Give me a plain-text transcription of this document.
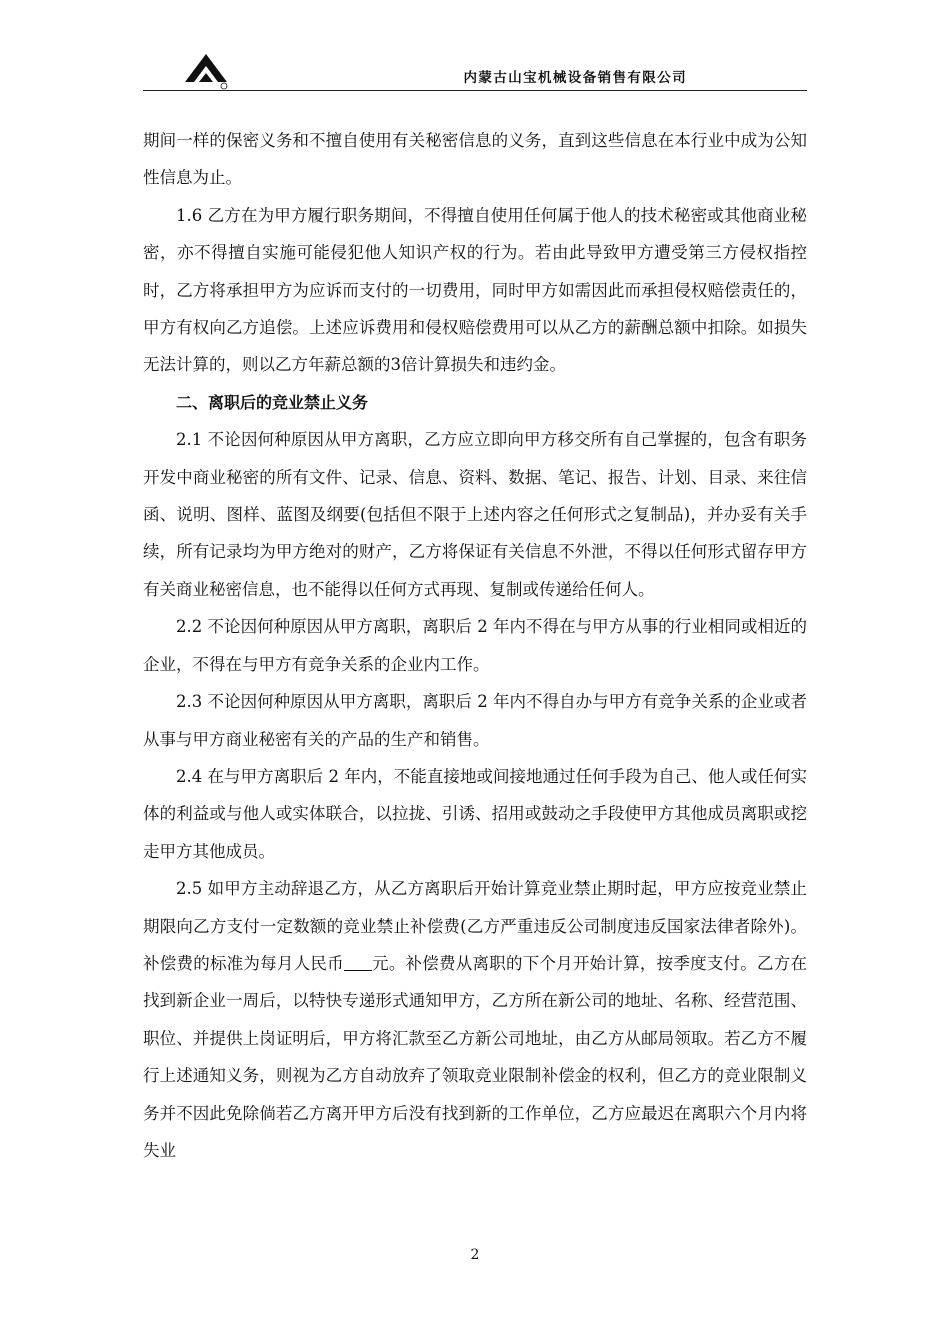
内蒙古山宝机械设备销售有限公司

期间一样的保密义务和不擅自使用有关秘密信息的义务，直到这些信息在本行业中成为公知性信息为止。

1.6 乙方在为甲方履行职务期间，不得擅自使用任何属于他人的技术秘密或其他商业秘密，亦不得擅自实施可能侵犯他人知识产权的行为。若由此导致甲方遭受第三方侵权指控时，乙方将承担甲方为应诉而支付的一切费用，同时甲方如需因此而承担侵权赔偿责任的，甲方有权向乙方追偿。上述应诉费用和侵权赔偿费用可以从乙方的薪酬总额中扣除。如损失无法计算的，则以乙方年薪总额的3倍计算损失和违约金。

二、离职后的竞业禁止义务

2.1 不论因何种原因从甲方离职，乙方应立即向甲方移交所有自己掌握的，包含有职务开发中商业秘密的所有文件、记录、信息、资料、数据、笔记、报告、计划、目录、来往信函、说明、图样、蓝图及纲要(包括但不限于上述内容之任何形式之复制品)，并办妥有关手续，所有记录均为甲方绝对的财产，乙方将保证有关信息不外泄，不得以任何形式留存甲方有关商业秘密信息，也不能得以任何方式再现、复制或传递给任何人。

2.2 不论因何种原因从甲方离职，离职后 2 年内不得在与甲方从事的行业相同或相近的企业，不得在与甲方有竞争关系的企业内工作。

2.3 不论因何种原因从甲方离职，离职后 2 年内不得自办与甲方有竞争关系的企业或者从事与甲方商业秘密有关的产品的生产和销售。

2.4 在与甲方离职后 2 年内，不能直接地或间接地通过任何手段为自己、他人或任何实体的利益或与他人或实体联合，以拉拢、引诱、招用或鼓动之手段使甲方其他成员离职或挖走甲方其他成员。

2.5 如甲方主动辞退乙方，从乙方离职后开始计算竞业禁止期时起，甲方应按竞业禁止期限向乙方支付一定数额的竞业禁止补偿费(乙方严重违反公司制度违反国家法律者除外)。补偿费的标准为每月人民币 元。补偿费从离职的下个月开始计算，按季度支付。乙方在找到新企业一周后，以特快专递形式通知甲方，乙方所在新公司的地址、名称、经营范围、职位、并提供上岗证明后，甲方将汇款至乙方新公司地址，由乙方从邮局领取。若乙方不履行上述通知义务，则视为乙方自动放弃了领取竞业限制补偿金的权利，但乙方的竞业限制义务并不因此免除倘若乙方离开甲方后没有找到新的工作单位，乙方应最迟在离职六个月内将失业

2
